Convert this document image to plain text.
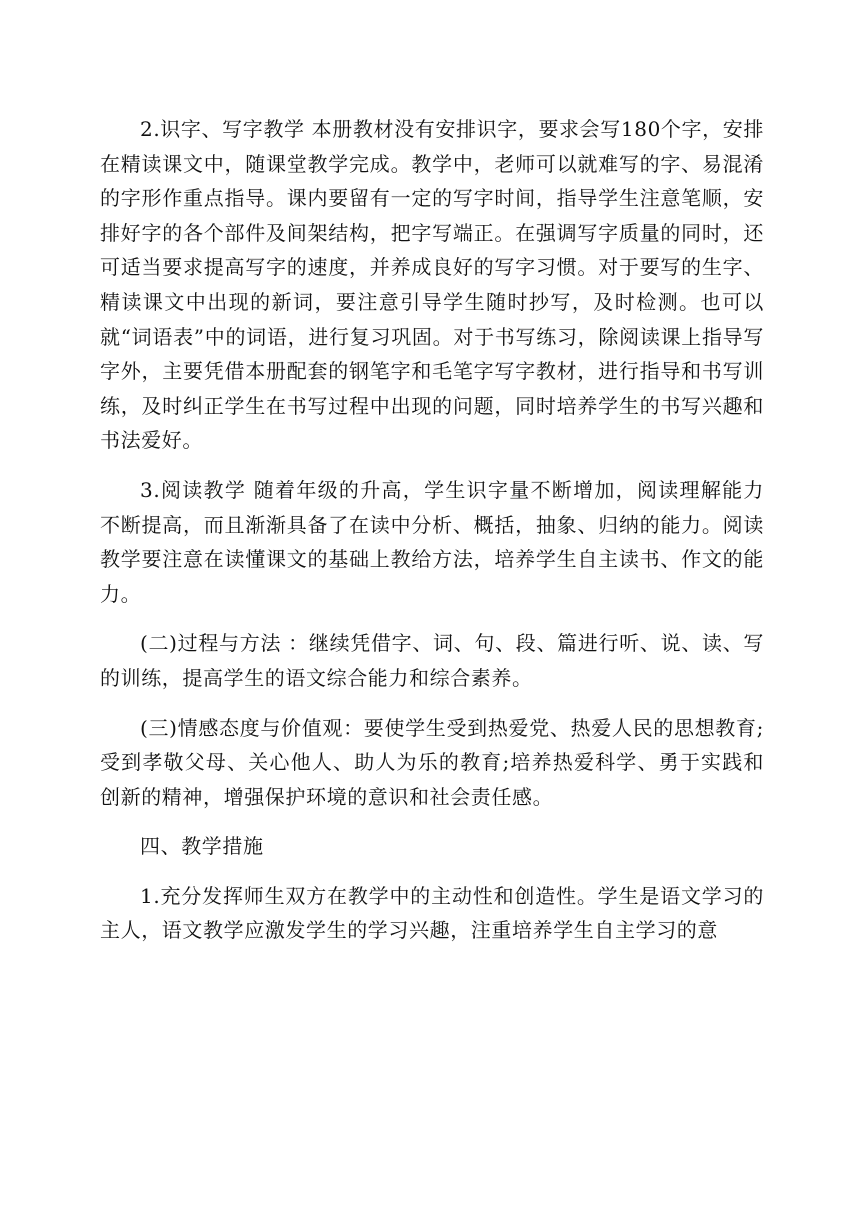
2.识字、写字教学 本册教材没有安排识字，要求会写180个字，安排在精读课文中，随课堂教学完成。教学中，老师可以就难写的字、易混淆的字形作重点指导。课内要留有一定的写字时间，指导学生注意笔顺，安排好字的各个部件及间架结构，把字写端正。在强调写字质量的同时，还可适当要求提高写字的速度，并养成良好的写字习惯。对于要写的生字、精读课文中出现的新词，要注意引导学生随时抄写，及时检测。也可以就“词语表”中的词语，进行复习巩固。对于书写练习，除阅读课上指导写字外，主要凭借本册配套的钢笔字和毛笔字写字教材，进行指导和书写训练，及时纠正学生在书写过程中出现的问题，同时培养学生的书写兴趣和书法爱好。

3.阅读教学 随着年级的升高，学生识字量不断增加，阅读理解能力不断提高，而且渐渐具备了在读中分析、概括，抽象、归纳的能力。阅读教学要注意在读懂课文的基础上教给方法，培养学生自主读书、作文的能力。

(二)过程与方法 ：继续凭借字、词、句、段、篇进行听、说、读、写的训练，提高学生的语文综合能力和综合素养。

(三)情感态度与价值观：要使学生受到热爱党、热爱人民的思想教育;受到孝敬父母、关心他人、助人为乐的教育;培养热爱科学、勇于实践和创新的精神，增强保护环境的意识和社会责任感。

四、教学措施

1.充分发挥师生双方在教学中的主动性和创造性。学生是语文学习的主人，语文教学应激发学生的学习兴趣，注重培养学生自主学习的意
